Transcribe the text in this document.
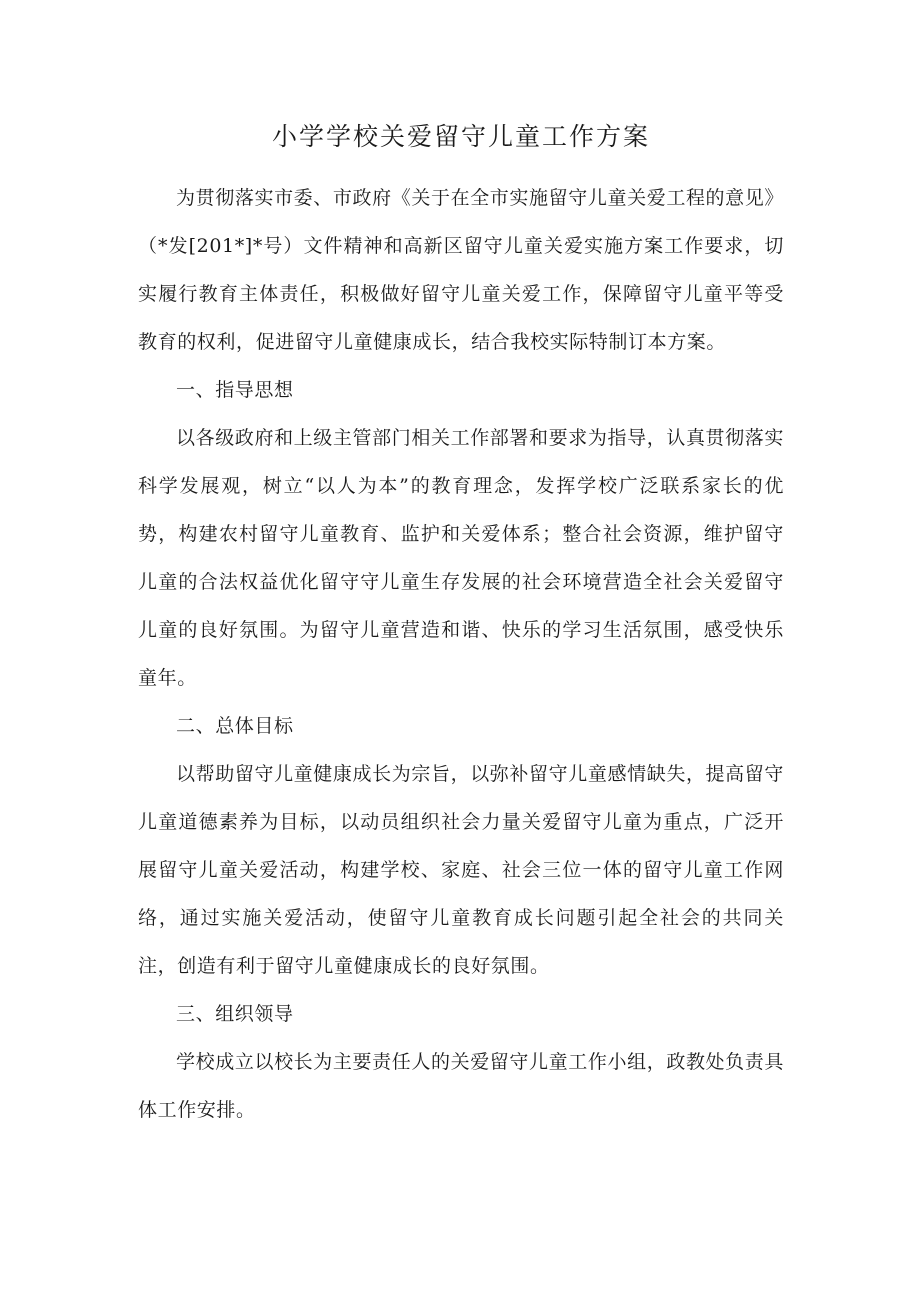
小学学校关爱留守儿童工作方案

为贯彻落实市委、市政府《关于在全市实施留守儿童关爱工程的意见》（*发[201*]*号）文件精神和高新区留守儿童关爱实施方案工作要求，切实履行教育主体责任，积极做好留守儿童关爱工作，保障留守儿童平等受教育的权利，促进留守儿童健康成长，结合我校实际特制订本方案。

一、指导思想

以各级政府和上级主管部门相关工作部署和要求为指导，认真贯彻落实科学发展观，树立“以人为本”的教育理念，发挥学校广泛联系家长的优势，构建农村留守儿童教育、监护和关爱体系；整合社会资源，维护留守儿童的合法权益优化留守守儿童生存发展的社会环境营造全社会关爱留守儿童的良好氛围。为留守儿童营造和谐、快乐的学习生活氛围，感受快乐童年。

二、总体目标

以帮助留守儿童健康成长为宗旨，以弥补留守儿童感情缺失，提高留守儿童道德素养为目标，以动员组织社会力量关爱留守儿童为重点，广泛开展留守儿童关爱活动，构建学校、家庭、社会三位一体的留守儿童工作网络，通过实施关爱活动，使留守儿童教育成长问题引起全社会的共同关注，创造有利于留守儿童健康成长的良好氛围。

三、组织领导

学校成立以校长为主要责任人的关爱留守儿童工作小组，政教处负责具体工作安排。
